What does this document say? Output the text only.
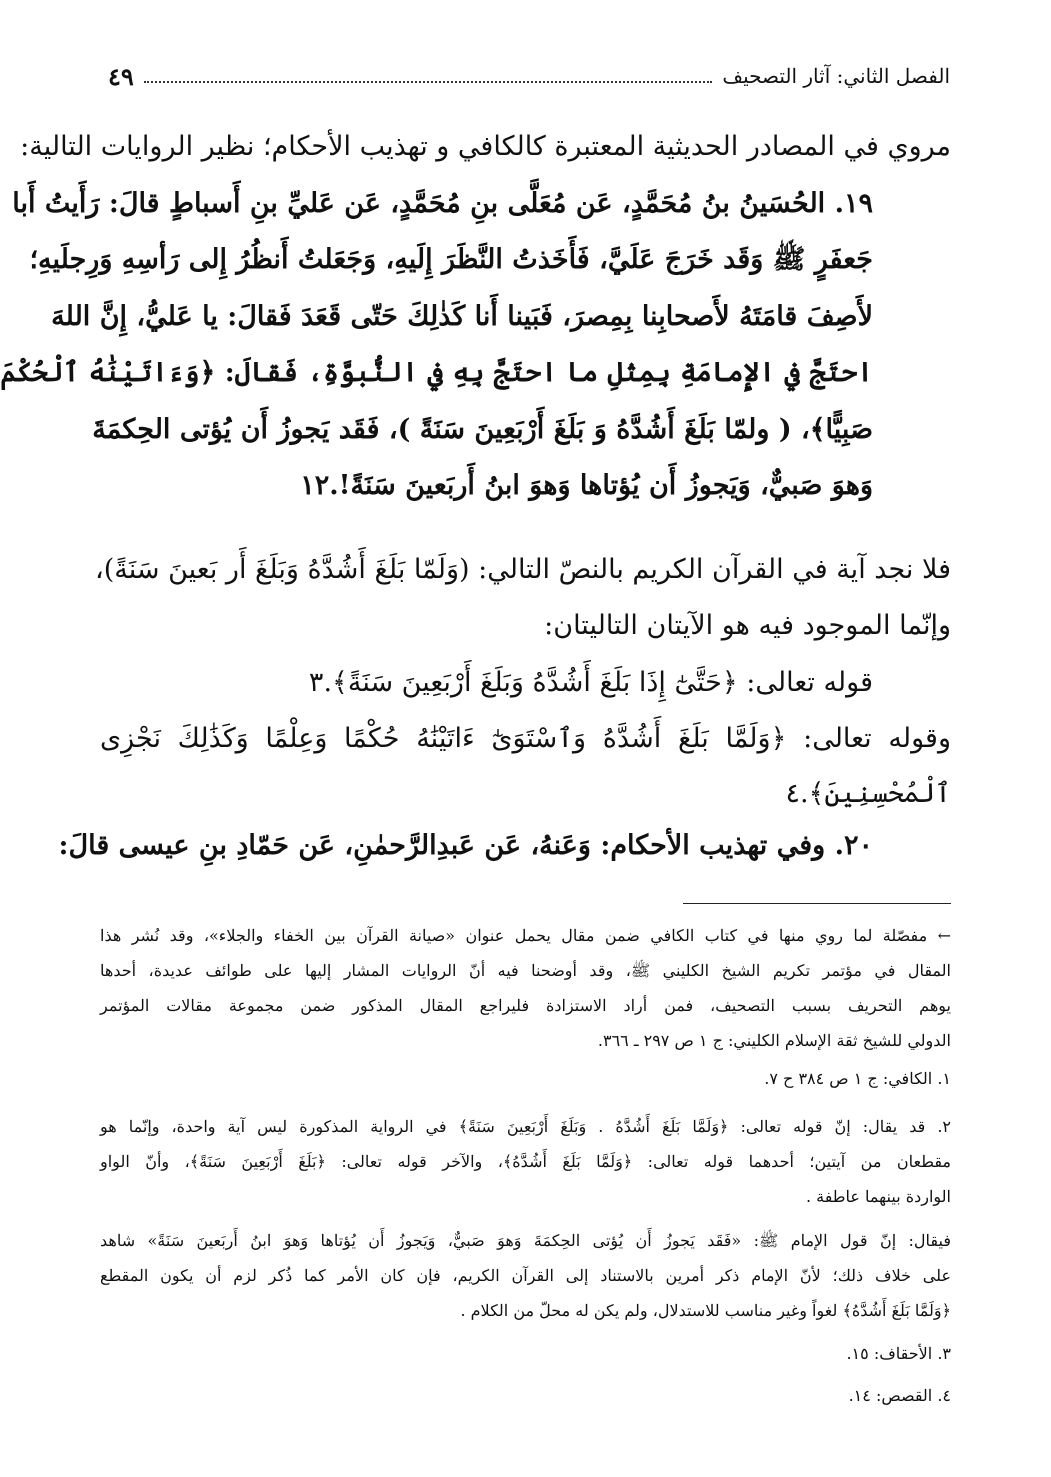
٤٩	الفصل الثاني: آثار التصحيف
مروي في المصادر الحديثية المعتبرة كالكافي و تهذيب الأحكام؛ نظير الروايات التالية:
١٩. الحُسَينُ بنُ مُحَمَّدٍ، عَن مُعَلَّى بنِ مُحَمَّدٍ، عَن عَليِّ بنِ أَسباطٍ قالَ: رَأَيتُ أَبا
جَعفَرٍ ﷺ وَقَد خَرَجَ عَلَيَّ، فَأَخَذتُ النَّظَرَ إِلَيهِ، وَجَعَلتُ أَنظُرُ إِلى رَأسِهِ وَرِجلَيهِ؛
لأَصِفَ قامَتَهُ لأَصحابِنا بِمِصرَ، فَبَينا أَنا كَذٰلِكَ حَتّى قَعَدَ فَقالَ: يا عَليُّ، إِنَّ اللهَ
احتَجَّ في الإِمامَةِ بِمِثلِ ما احتَجَّ بِهِ في النُّبوَّةِ، فَقالَ: ﴿وَءَاتَيْنَٰهُ ٱلْحُكْمَ
صَبِيًّا﴾، ( ولمّا بَلَغَ أَشُدَّهُ وَ بَلَغَ أَرْبَعِينَ سَنَةً )، فَقَد يَجوزُ أَن يُؤتى الحِكمَةَ
وَهوَ صَبيٌّ، وَيَجوزُ أَن يُؤتاها وَهوَ ابنُ أَربَعينَ سَنَةً!.١٢
فلا نجد آية في القرآن الكريم بالنصّ التالي: (وَلَمّا بَلَغَ أَشُدَّهُ وَبَلَغَ أَر بَعينَ سَنَةً)،
وإنّما الموجود فيه هو الآيتان التاليتان:
قوله تعالى: ﴿حَتَّىٰٓ إِذَا بَلَغَ أَشُدَّهُ وَبَلَغَ أَرْبَعِينَ سَنَةً﴾.٣
وقوله تعالى: ﴿وَلَمَّا بَلَغَ أَشُدَّهُ وَٱسْتَوَىٰٓ ءَاتَيْنَٰهُ حُكْمًا وَعِلْمًا وَكَذَٰلِكَ نَجْزِى
ٱلْمُحْسِنِينَ﴾.٤
٢٠. وفي تهذيب الأحكام: وَعَنهُ، عَن عَبدِالرَّحمٰنِ، عَن حَمّادِ بنِ عيسى قالَ:
← مفصّلة لما روي منها في كتاب الكافي ضمن مقال يحمل عنوان «صيانة القرآن بين الخفاء والجلاء»، وقد نُشر هذا
المقال في مؤتمر تكريم الشيخ الكليني ﷺ، وقد أوضحنا فيه أنّ الروايات المشار إليها على طوائف عديدة، أحدها
يوهم التحريف بسبب التصحيف، فمن أراد الاستزادة فليراجع المقال المذكور ضمن مجموعة مقالات المؤتمر
الدولي للشيخ ثقة الإسلام الكليني: ج ١ ص ٢٩٧ ـ ٣٦٦.
١. الكافي: ج ١ ص ٣٨٤ ح ٧.
٢. قد يقال: إنّ قوله تعالى: ﴿وَلَمَّا بَلَغَ أَشُدَّهُ . وَبَلَغَ أَرْبَعِينَ سَنَةً﴾ في الرواية المذكورة ليس آية واحدة، وإنّما هو
مقطعان من آيتين؛ أحدهما قوله تعالى: ﴿وَلَمَّا بَلَغَ أَشُدَّهُ﴾، والآخر قوله تعالى: ﴿بَلَغَ أَرْبَعِينَ سَنَةً﴾، وأنّ الواو
الواردة بينهما عاطفة .
فيقال: إنّ قول الإمام ﷺ: «فَقَد يَجوزُ أَن يُؤتى الحِكمَةَ وَهوَ صَبيٌّ، وَيَجوزُ أَن يُؤتاها وَهوَ ابنُ أَربَعينَ سَنَةً» شاهد
على خلاف ذلك؛ لأنّ الإمام ذكر أمرين بالاستناد إلى القرآن الكريم، فإن كان الأمر كما ذُكر لزم أن يكون المقطع
﴿وَلَمَّا بَلَغَ أَشُدَّهُ﴾ لغواً وغير مناسب للاستدلال، ولم يكن له محلّ من الكلام .
٣. الأحقاف: ١٥.
٤. القصص: ١٤.
